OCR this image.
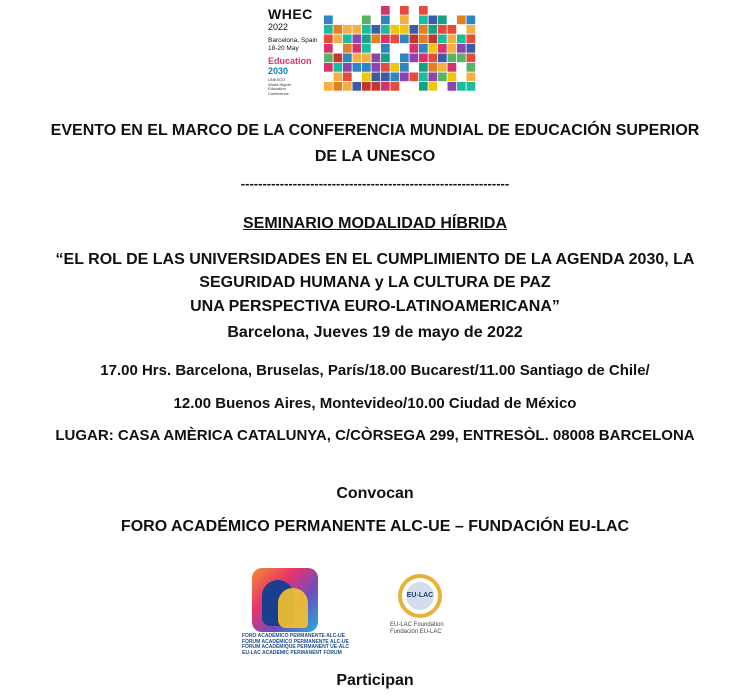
WHEC
2022
Barcelona, Spain
18-20 May
Education
2030
UNESCO
World Higher
Education
Conference
EVENTO EN EL MARCO DE LA CONFERENCIA MUNDIAL DE EDUCACIÓN SUPERIOR
DE LA UNESCO
--------------------------------------------------------------
SEMINARIO MODALIDAD HÍBRIDA
“EL ROL DE LAS UNIVERSIDADES EN EL CUMPLIMIENTO DE LA AGENDA 2030, LA
SEGURIDAD HUMANA y LA CULTURA DE PAZ
UNA PERSPECTIVA EURO-LATINOAMERICANA”
Barcelona, Jueves 19 de mayo de 2022
17.00 Hrs. Barcelona, Bruselas, París/18.00 Bucarest/11.00 Santiago de Chile/
12.00 Buenos Aires, Montevideo/10.00 Ciudad de México
LUGAR: CASA AMÈRICA CATALUNYA, C/CÒRSEGA 299, ENTRESÒL. 08008 BARCELONA
Convocan
FORO ACADÉMICO PERMANENTE ALC-UE – FUNDACIÓN EU-LAC
FORO ACADÉMICO PERMANENTE ALC-UE
FORUM ACADÉMICO PERMANENTE ALC-UE
FORUM ACADÉMIQUE PERMANENT UE-ALC
EU-LAC ACADEMIC PERMANENT FORUM
EU-LAC
EU-LAC Foundation
Fundación EU-LAC
Participan
